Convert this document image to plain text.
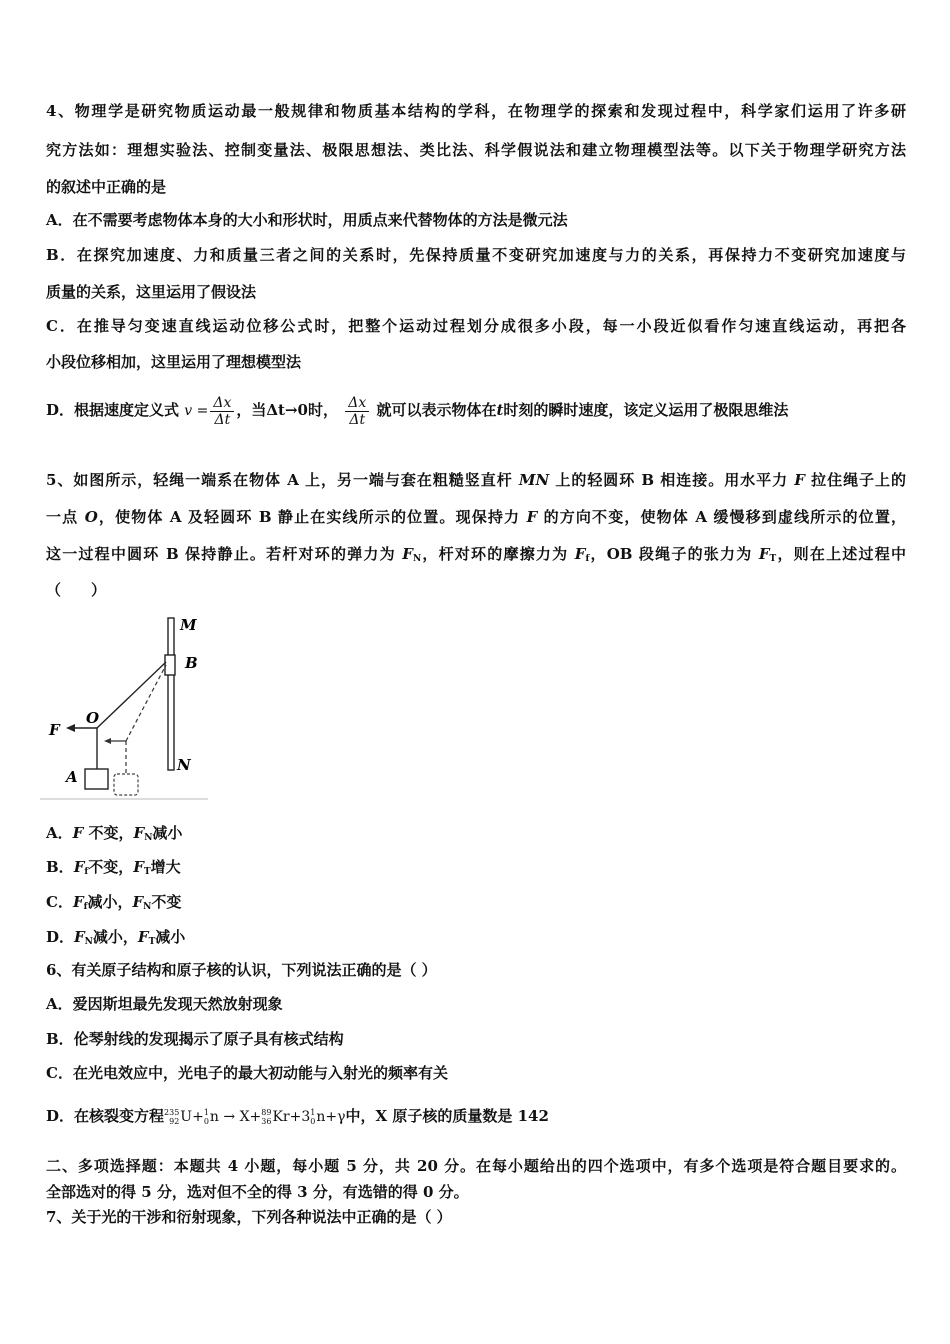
4、物理学是研究物质运动最一般规律和物质基本结构的学科，在物理学的探索和发现过程中，科学家们运用了许多研
究方法如：理想实验法、控制变量法、极限思想法、类比法、科学假说法和建立物理模型法等。以下关于物理学研究方法
的叙述中正确的是
A．在不需要考虑物体本身的大小和形状时，用质点来代替物体的方法是微元法
B．在探究加速度、力和质量三者之间的关系时，先保持质量不变研究加速度与力的关系，再保持力不变研究加速度与
质量的关系，这里运用了假设法
C．在推导匀变速直线运动位移公式时，把整个运动过程划分成很多小段，每一小段近似看作匀速直线运动，再把各
小段位移相加，这里运用了理想模型法
D．根据速度定义式 $v = \frac{\Delta x}{\Delta t}$ ，当Δt→0时， $\frac{\Delta x}{\Delta t}$ 就可以表示物体在t时刻的瞬时速度，该定义运用了极限思维法
5、如图所示，轻绳一端系在物体 A 上，另一端与套在粗糙竖直杆 MN 上的轻圆环 B 相连接。用水平力 F 拉住绳子上的
一点 O，使物体 A 及轻圆环 B 静止在实线所示的位置。现保持力 F 的方向不变，使物体 A 缓慢移到虚线所示的位置，
这一过程中圆环 B 保持静止。若杆对环的弹力为 $F_N$，杆对环的摩擦力为 $F_f$，OB 段绳子的张力为 $F_T$，则在上述过程中
（　　）
M
B
N
O
F
A
A．F 不变，$F_N$减小
B．$F_f$不变，$F_T$增大
C．$F_f$减小，$F_N$不变
D．$F_N$减小，$F_T$减小
6、有关原子结构和原子核的认识，下列说法正确的是（ ）
A．爱因斯坦最先发现天然放射现象
B．伦琴射线的发现揭示了原子具有核式结构
C．在光电效应中，光电子的最大初动能与入射光的频率有关
D．在核裂变方程235
92U+1
0n → X+89
36Kr+31
0n+γ中，X 原子核的质量数是 142
二、多项选择题：本题共 4 小题，每小题 5 分，共 20 分。在每小题给出的四个选项中，有多个选项是符合题目要求的。
全部选对的得 5 分，选对但不全的得 3 分，有选错的得 0 分。
7、关于光的干涉和衍射现象，下列各种说法中正确的是（ ）
